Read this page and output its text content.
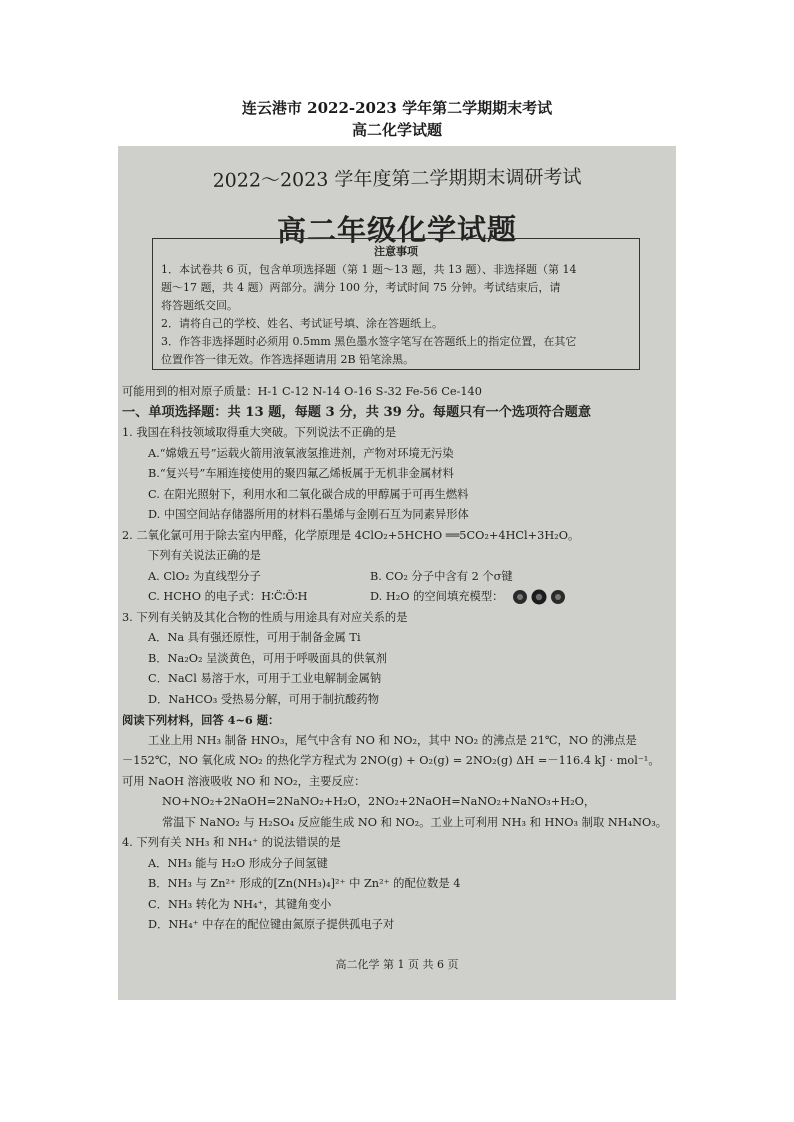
连云港市 2022-2023 学年第二学期期末考试
高二化学试题
2022～2023 学年度第二学期期末调研考试
高二年级化学试题
注意事项
1．本试卷共 6 页，包含单项选择题（第 1 题～13 题，共 13 题）、非选择题（第 14
题～17 题，共 4 题）两部分。满分 100 分，考试时间 75 分钟。考试结束后，请
将答题纸交回。
2．请将自己的学校、姓名、考试证号填、涂在答题纸上。
3．作答非选择题时必须用 0.5mm 黑色墨水签字笔写在答题纸上的指定位置，在其它
位置作答一律无效。作答选择题请用 2B 铅笔涂黑。
可能用到的相对原子质量：H-1 C-12 N-14 O-16 S-32 Fe-56 Ce-140
一、单项选择题：共 13 题，每题 3 分，共 39 分。每题只有一个选项符合题意
1. 我国在科技领域取得重大突破。下列说法不正确的是
A.“嫦娥五号”运载火箭用液氧液氢推进剂，产物对环境无污染
B.“复兴号”车厢连接使用的聚四氟乙烯板属于无机非金属材料
C. 在阳光照射下，利用水和二氧化碳合成的甲醇属于可再生燃料
D. 中国空间站存储器所用的材料石墨烯与金刚石互为同素异形体
2. 二氧化氯可用于除去室内甲醛，化学原理是 4ClO₂+5HCHO ══5CO₂+4HCl+3H₂O。
下列有关说法正确的是
A. ClO₂ 为直线型分子	B. CO₂ 分子中含有 2 个σ键
C. HCHO 的电子式：H∶C̈∶Ö∶H	D. H₂O 的空间填充模型：
3. 下列有关钠及其化合物的性质与用途具有对应关系的是
A．Na 具有强还原性，可用于制备金属 Ti
B．Na₂O₂ 呈淡黄色，可用于呼吸面具的供氧剂
C．NaCl 易溶于水，可用于工业电解制金属钠
D．NaHCO₃ 受热易分解，可用于制抗酸药物
阅读下列材料，回答 4~6 题：
工业上用 NH₃ 制备 HNO₃，尾气中含有 NO 和 NO₂，其中 NO₂ 的沸点是 21℃，NO 的沸点是
－152℃，NO 氧化成 NO₂ 的热化学方程式为 2NO(g) + O₂(g) = 2NO₂(g) ΔH =－116.4 kJ · mol⁻¹。
可用 NaOH 溶液吸收 NO 和 NO₂，主要反应：
NO+NO₂+2NaOH=2NaNO₂+H₂O，2NO₂+2NaOH=NaNO₂+NaNO₃+H₂O，
常温下 NaNO₂ 与 H₂SO₄ 反应能生成 NO 和 NO₂。工业上可利用 NH₃ 和 HNO₃ 制取 NH₄NO₃。
4. 下列有关 NH₃ 和 NH₄⁺ 的说法错误的是
A．NH₃ 能与 H₂O 形成分子间氢键
B．NH₃ 与 Zn²⁺ 形成的[Zn(NH₃)₄]²⁺ 中 Zn²⁺ 的配位数是 4
C．NH₃ 转化为 NH₄⁺，其键角变小
D．NH₄⁺ 中存在的配位键由氮原子提供孤电子对
高二化学 第 1 页 共 6 页
